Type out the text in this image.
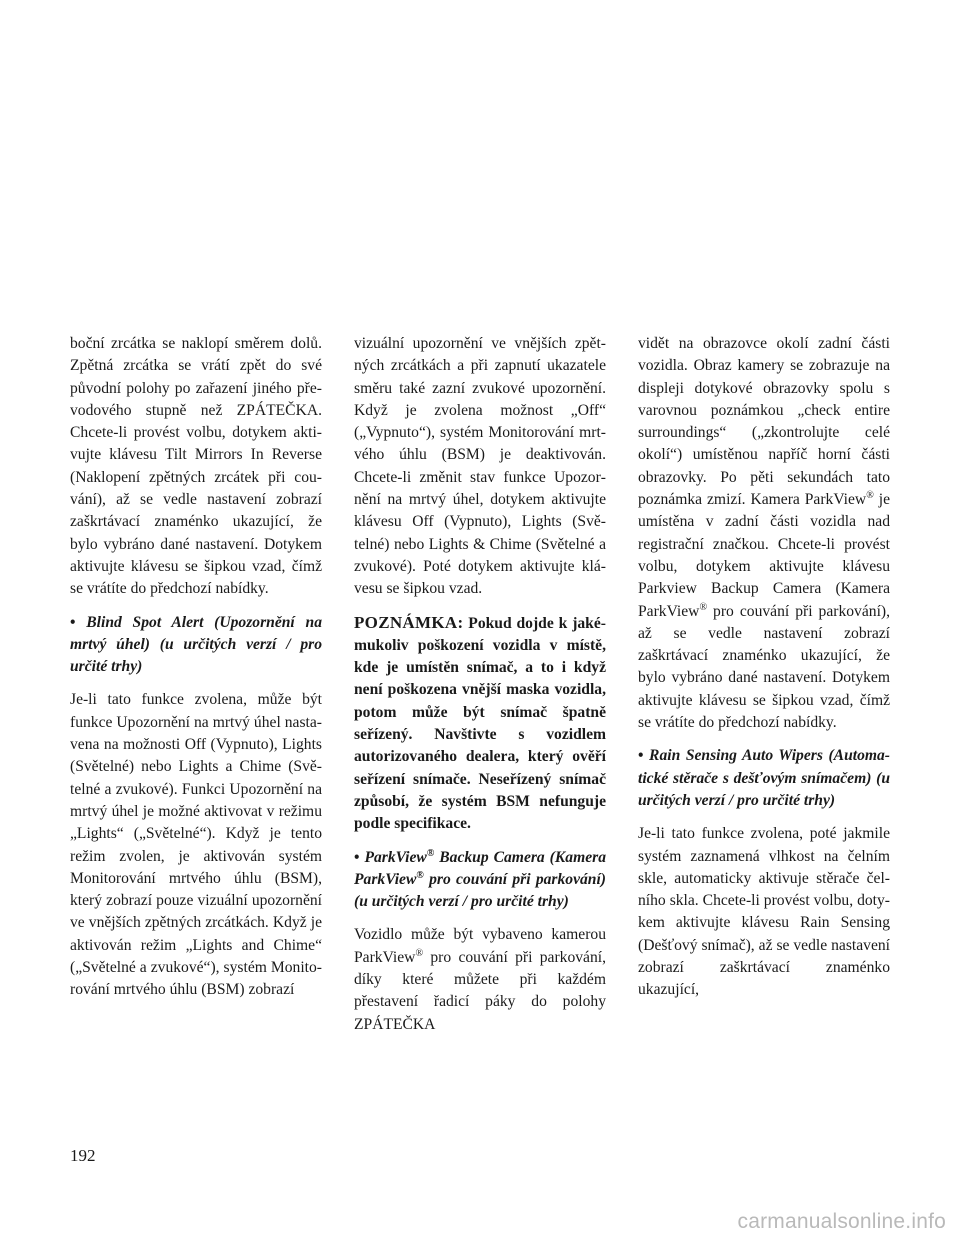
boční zrcátka se naklopí směrem dolů. Zpětná zrcátka se vrátí zpět do své původní polohy po zařazení jiného převodového stupně než ZPÁTEČKA. Chcete-li provést volbu, dotykem aktivujte klávesu Tilt Mirrors In Reverse (Naklopení zpětných zrcátek při couvání), až se vedle nastavení zobrazí zaškrtávací znaménko ukazující, že bylo vybráno dané nastavení. Dotykem aktivujte klávesu se šipkou vzad, čímž se vrátíte do předchozí nabídky.

• Blind Spot Alert (Upozornění na mrtvý úhel) (u určitých verzí / pro určité trhy)

Je-li tato funkce zvolena, může být funkce Upozornění na mrtvý úhel nastavena na možnosti Off (Vypnuto), Lights (Světelné) nebo Lights a Chime (Světelné a zvukové). Funkci Upozornění na mrtvý úhel je možné aktivovat v režimu „Lights“ („Světelné“). Když je tento režim zvolen, je aktivován systém Monitorování mrtvého úhlu (BSM), který zobrazí pouze vizuální upozornění ve vnějších zpětných zrcátkách. Když je aktivován režim „Lights and Chime“ („Světelné a zvukové“), systém Monitorování mrtvého úhlu (BSM) zobrazí

vizuální upozornění ve vnějších zpětných zrcátkách a při zapnutí ukazatele směru také zazní zvukové upozornění. Když je zvolena možnost „Off“ („Vypnuto“), systém Monitorování mrtvého úhlu (BSM) je deaktivován. Chcete-li změnit stav funkce Upozornění na mrtvý úhel, dotykem aktivujte klávesu Off (Vypnuto), Lights (Světelné) nebo Lights & Chime (Světelné a zvukové). Poté dotykem aktivujte klávesu se šipkou vzad.

POZNÁMKA: Pokud dojde k jakémukoliv poškození vozidla v místě, kde je umístěn snímač, a to i když není poškozena vnější maska vozidla, potom může být snímač špatně seřízený. Navštivte s vozidlem autorizovaného dealera, který ověří seřízení snímače. Neseřízený snímač způsobí, že systém BSM nefunguje podle specifikace.

• ParkView® Backup Camera (Kamera ParkView® pro couvání při parkování) (u určitých verzí / pro určité trhy)

Vozidlo může být vybaveno kamerou ParkView® pro couvání při parkování, díky které můžete při každém přestavení řadicí páky do polohy ZPÁTEČKA

vidět na obrazovce okolí zadní části vozidla. Obraz kamery se zobrazuje na displeji dotykové obrazovky spolu s varovnou poznámkou „check entire surroundings“ („zkontrolujte celé okolí“) umístěnou napříč horní části obrazovky. Po pěti sekundách tato poznámka zmizí. Kamera ParkView® je umístěna v zadní části vozidla nad registrační značkou. Chcete-li provést volbu, dotykem aktivujte klávesu Parkview Backup Camera (Kamera ParkView® pro couvání při parkování), až se vedle nastavení zobrazí zaškrtávací znaménko ukazující, že bylo vybráno dané nastavení. Dotykem aktivujte klávesu se šipkou vzad, čímž se vrátíte do předchozí nabídky.

• Rain Sensing Auto Wipers (Automatické stěrače s dešťovým snímačem) (u určitých verzí / pro určité trhy)

Je-li tato funkce zvolena, poté jakmile systém zaznamená vlhkost na čelním skle, automaticky aktivuje stěrače čelního skla. Chcete-li provést volbu, dotykem aktivujte klávesu Rain Sensing (Dešťový snímač), až se vedle nastavení zobrazí zaškrtávací znaménko ukazující,

192
carmanualsonline.info
